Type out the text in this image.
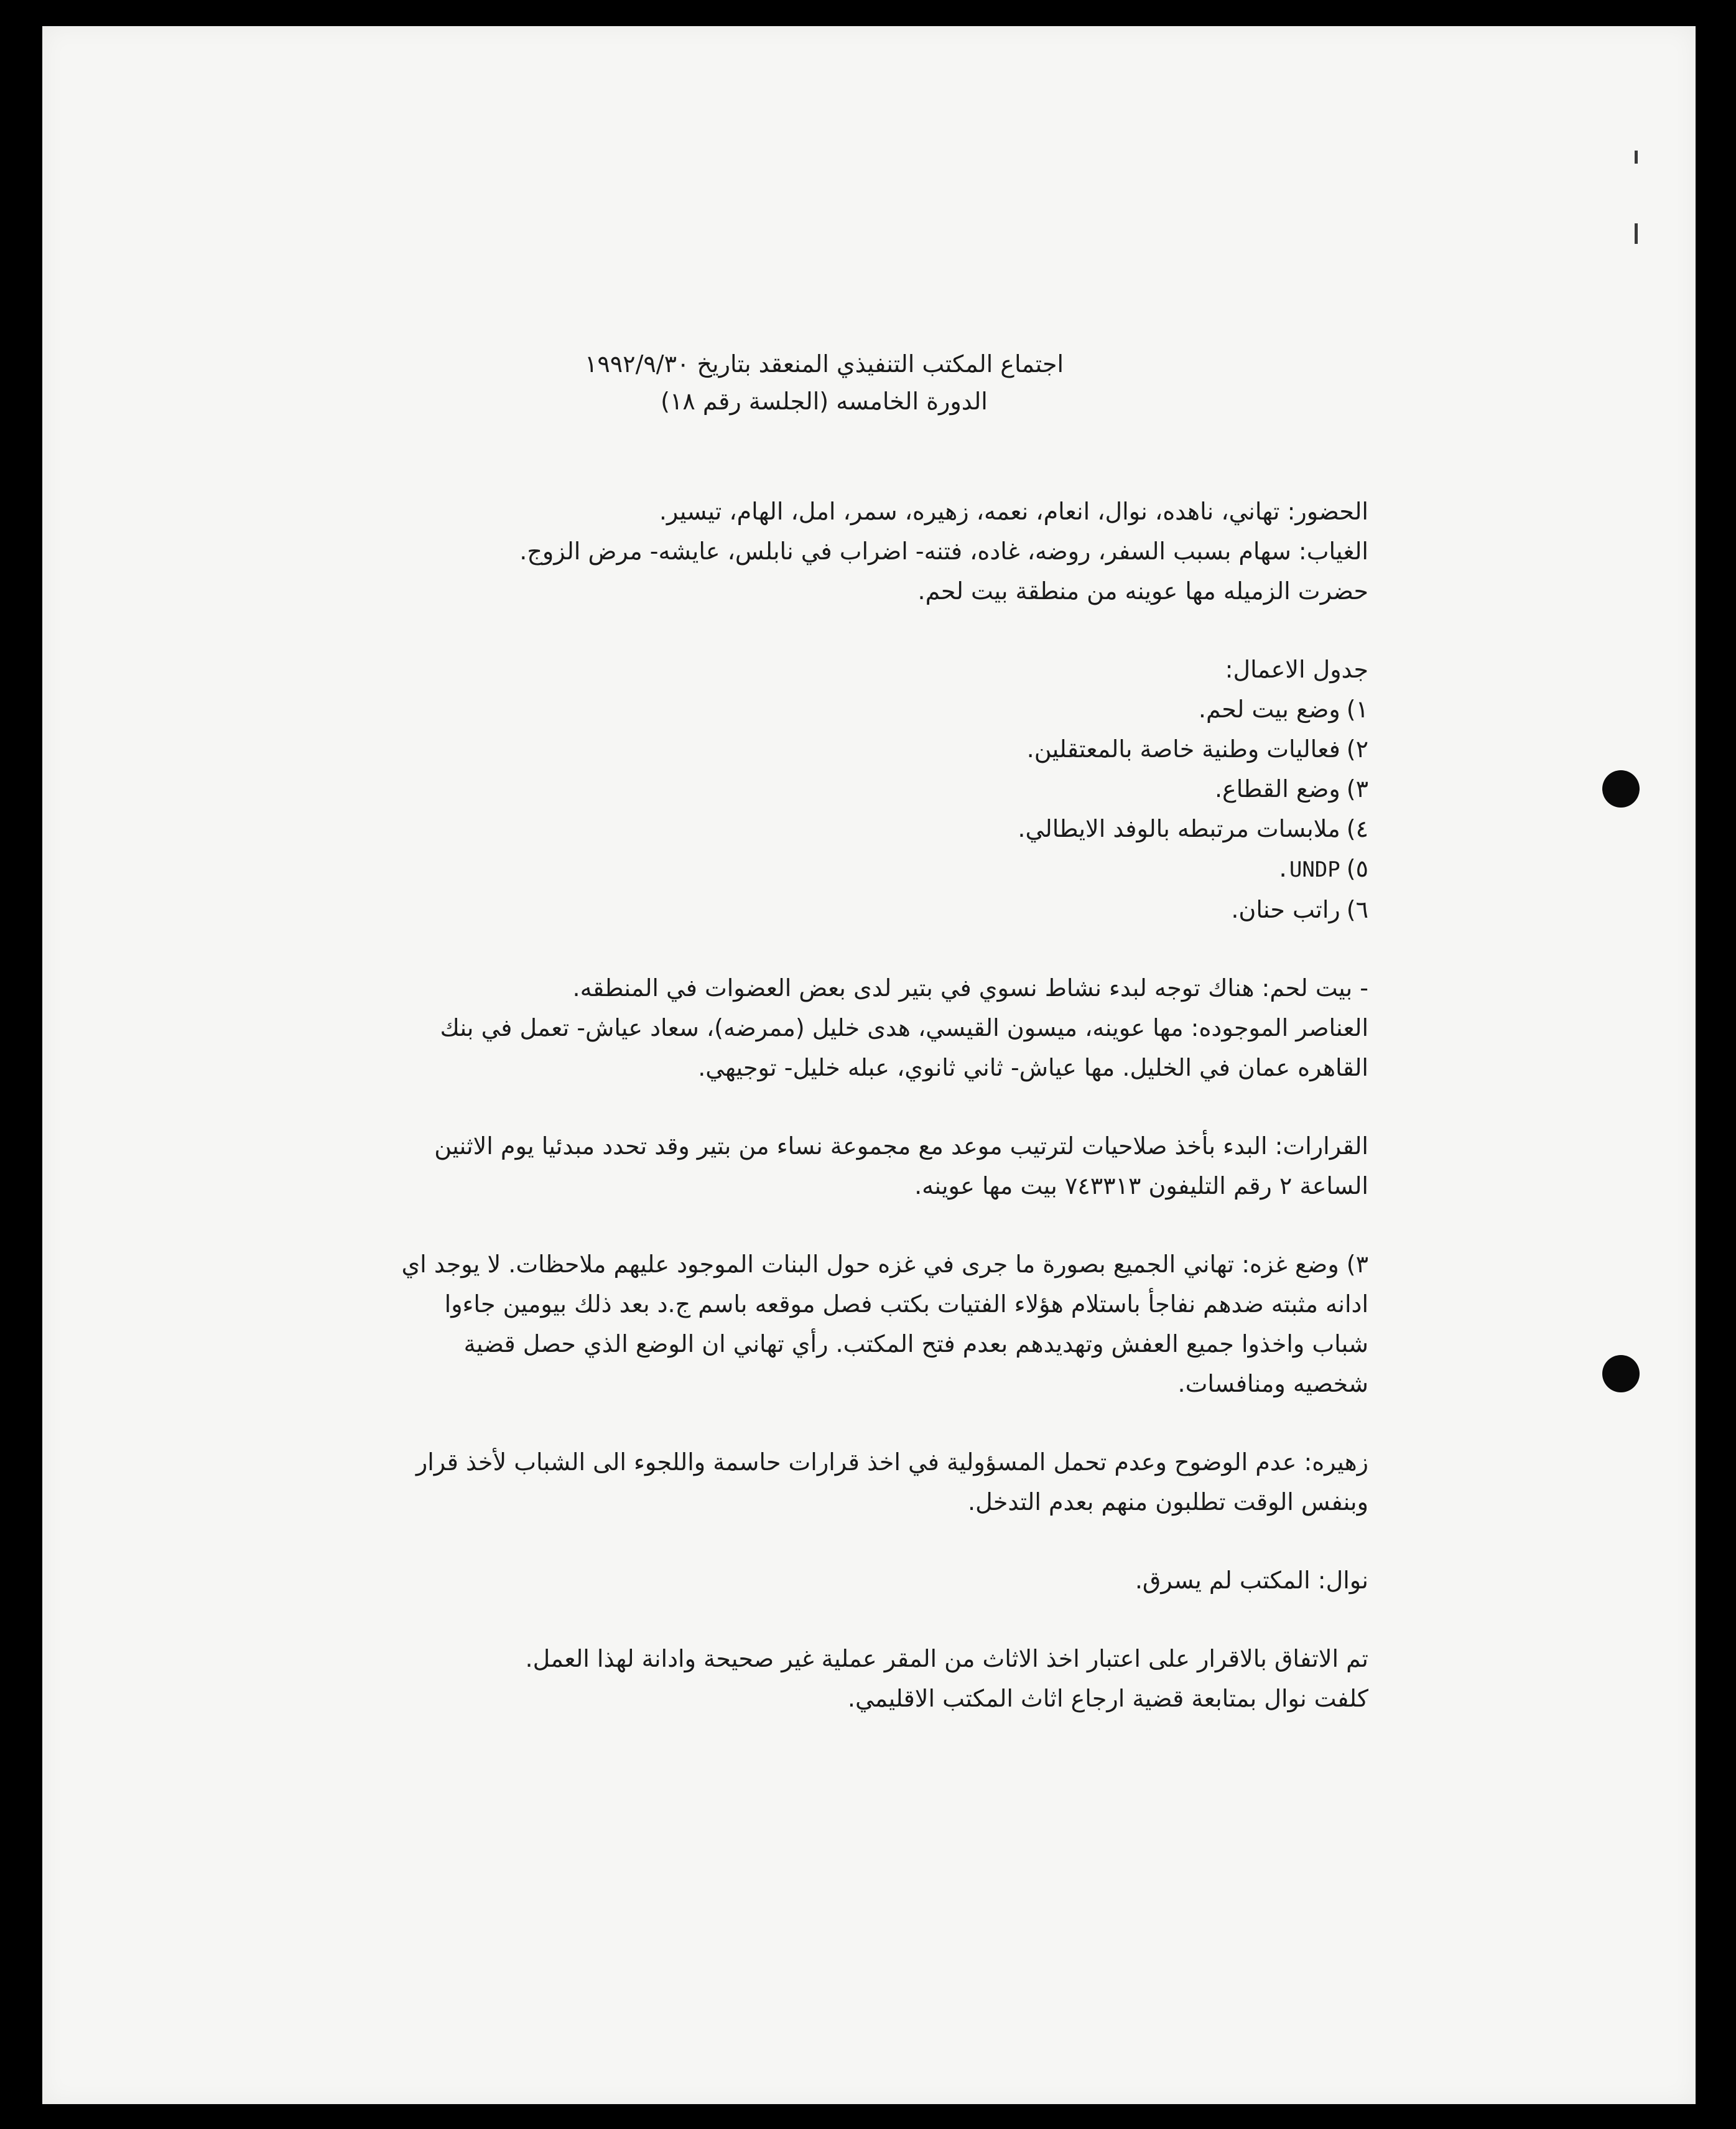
اجتماع المكتب التنفيذي المنعقد بتاريخ ١٩٩٢/٩/٣٠
الدورة الخامسه (الجلسة رقم ١٨)
الحضور: تهاني، ناهده، نوال، انعام، نعمه، زهيره، سمر، امل، الهام، تيسير.
الغياب: سهام بسبب السفر، روضه، غاده، فتنه- اضراب في نابلس، عايشه- مرض الزوج.
حضرت الزميله مها عوينه من منطقة بيت لحم.
جدول الاعمال:
١)وضع بيت لحم.
٢)فعاليات وطنية خاصة بالمعتقلين.
٣)وضع القطاع.
٤)ملابسات مرتبطه بالوفد الايطالي.
٥)UNDP.
٦)راتب حنان.
- بيت لحم: هناك توجه لبدء نشاط نسوي في بتير لدى بعض العضوات في المنطقه.
العناصر الموجوده: مها عوينه، ميسون القيسي، هدى خليل (ممرضه)، سعاد عياش- تعمل في بنك
القاهره عمان في الخليل. مها عياش- ثاني ثانوي، عبله خليل- توجيهي.
القرارات: البدء بأخذ صلاحيات لترتيب موعد مع مجموعة نساء من بتير وقد تحدد مبدئيا يوم الاثنين
الساعة ٢ رقم التليفون ٧٤٣٣١٣ بيت مها عوينه.
٣) وضع غزه: تهاني الجميع بصورة ما جرى في غزه حول البنات الموجود عليهم ملاحظات. لا يوجد اي
ادانه مثبته ضدهم نفاجأ باستلام هؤلاء الفتيات بكتب فصل موقعه باسم ج.د بعد ذلك بيومين جاءوا
شباب واخذوا جميع العفش وتهديدهم بعدم فتح المكتب. رأي تهاني ان الوضع الذي حصل قضية
شخصيه ومنافسات.
زهيره: عدم الوضوح وعدم تحمل المسؤولية في اخذ قرارات حاسمة واللجوء الى الشباب لأخذ قرار
وبنفس الوقت تطلبون منهم بعدم التدخل.
نوال: المكتب لم يسرق.
تم الاتفاق بالاقرار على اعتبار اخذ الاثاث من المقر عملية غير صحيحة وادانة لهذا العمل.
كلفت نوال بمتابعة قضية ارجاع اثاث المكتب الاقليمي.
